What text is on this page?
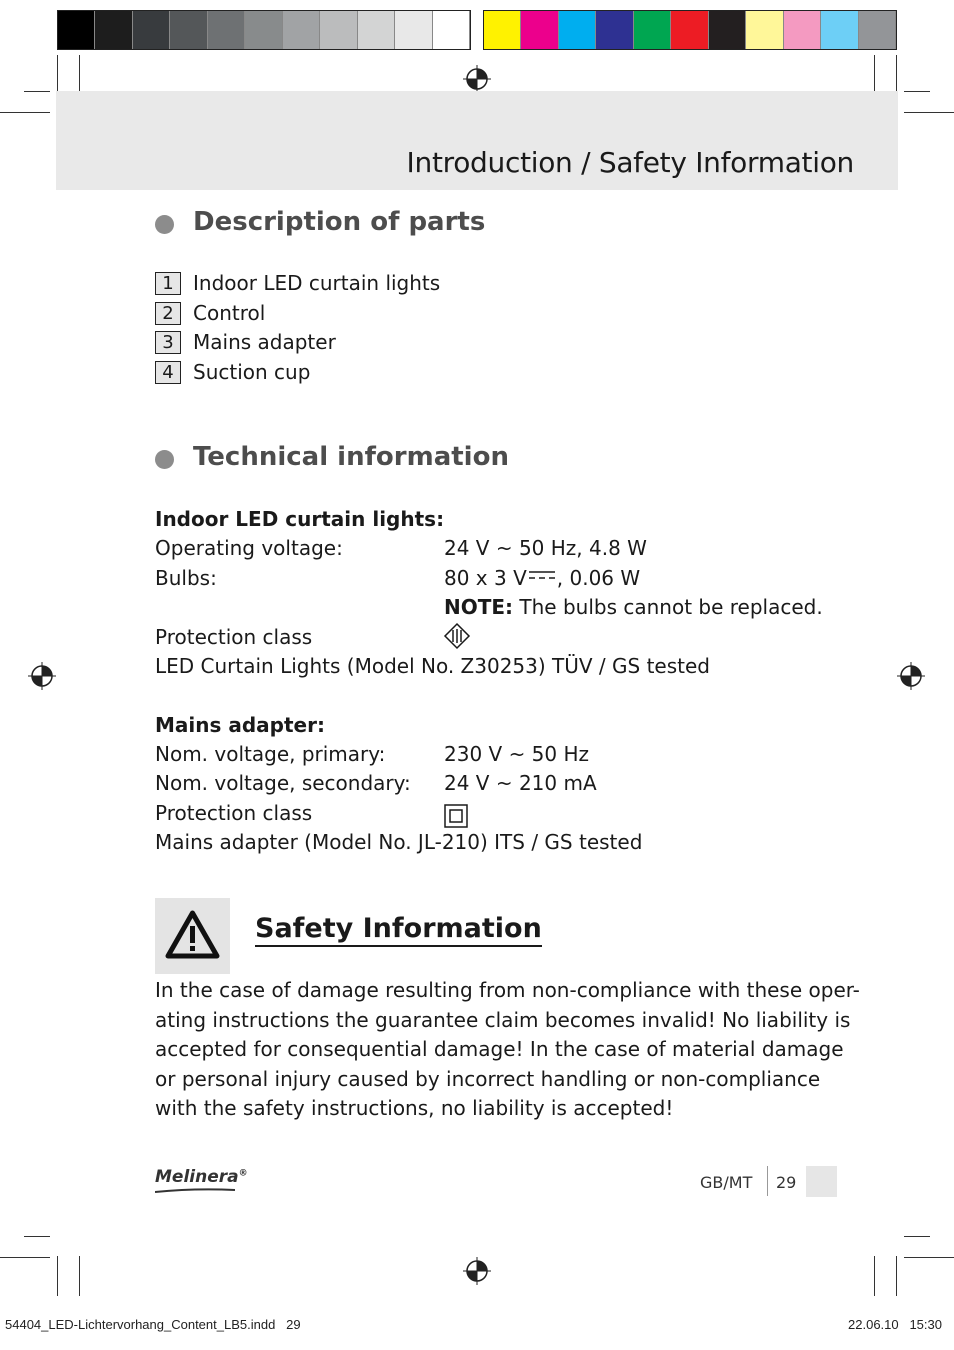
Introduction / Safety Information
Description of parts
1 Indoor LED curtain lights
2 Control
3 Mains adapter
4 Suction cup
Technical information
Indoor LED curtain lights:
Operating voltage:	24 V ~ 50 Hz, 4.8 W
Bulbs:	80 x 3 V , 0.06 W
NOTE: The bulbs cannot be replaced.
Protection class
LED Curtain Lights (Model No. Z30253) TÜV / GS tested
Mains adapter:
Nom. voltage, primary:	230 V ~ 50 Hz
Nom. voltage, secondary: 24 V ~ 210 mA
Protection class
Mains adapter (Model No. JL-210) ITS / GS tested
Safety Information
In the case of damage resulting from non-compliance with these oper-
ating instructions the guarantee claim becomes invalid! No liability is
accepted for consequential damage! In the case of material damage
or personal injury caused by incorrect handling or non-compliance
with the safety instructions, no liability is accepted!
Melinera®	GB/MT 29
54404_LED-Lichtervorhang_Content_LB5.indd   29	22.06.10   15:30
